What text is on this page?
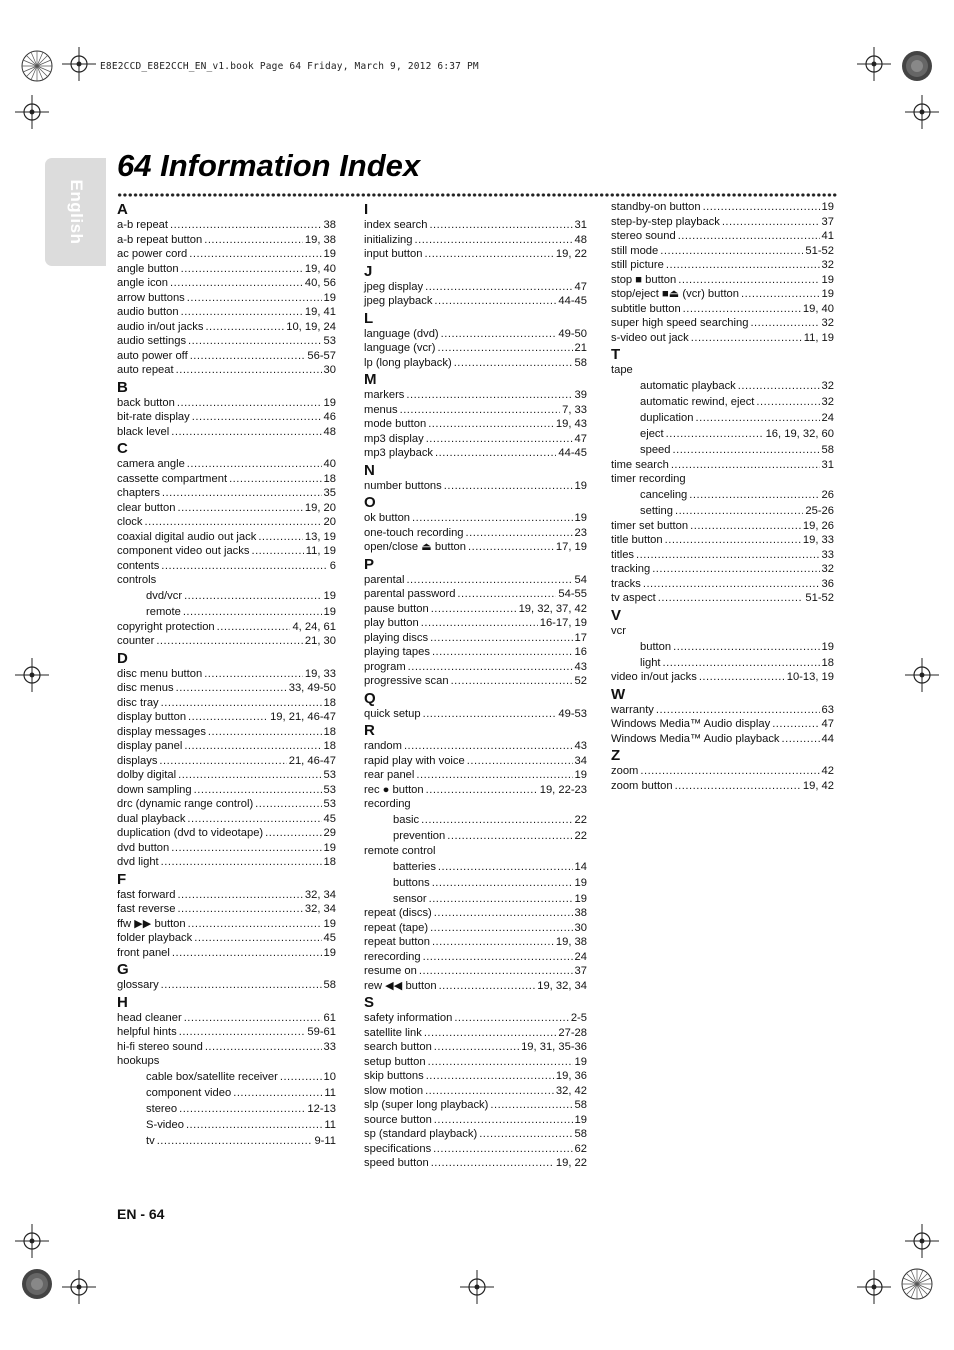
E8E2CCD_E8E2CCH_EN_v1.book Page 64 Friday, March 9, 2012 6:37 PM
English
64 Information Index
A
a-b repeat .....	38
a-b repeat button .....	19, 38
ac power cord .....	19
angle button .....	19, 40
angle icon .....	40, 56
arrow buttons .....	19
audio button .....	19, 41
audio in/out jacks .....	10, 19, 24
audio settings .....	53
auto power off .....	56-57
auto repeat .....	30
B
back button .....	19
bit-rate display .....	46
black level .....	48
C
camera angle .....	40
cassette compartment .....	18
chapters .....	35
clear button .....	19, 20
clock .....	20
coaxial digital audio out jack .....	13, 19
component video out jacks .....	11, 19
contents .....	6
controls
dvd/vcr .....	19
remote .....	19
copyright protection .....	4, 24, 61
counter .....	21, 30
D
disc menu button .....	19, 33
disc menus .....	33, 49-50
disc tray .....	18
display button .....	19, 21, 46-47
display messages .....	18
display panel .....	18
displays .....	21, 46-47
dolby digital .....	53
down sampling .....	53
drc (dynamic range control) .....	53
dual playback .....	45
duplication (dvd to videotape) .....	29
dvd button .....	19
dvd light .....	18
F
fast forward .....	32, 34
fast reverse .....	32, 34
ffw ▶▶ button .....	19
folder playback .....	45
front panel .....	19
G
glossary .....	58
H
head cleaner .....	61
helpful hints .....	59-61
hi-fi stereo sound .....	33
hookups
cable box/satellite receiver .....	10
component video .....	11
stereo .....	12-13
S-video .....	11
tv .....	9-11
I
index search .....	31
initializing .....	48
input button .....	19, 22
J
jpeg display .....	47
jpeg playback .....	44-45
L
language (dvd) .....	49-50
language (vcr) .....	21
lp (long playback) .....	58
M
markers .....	39
menus .....	7, 33
mode button .....	19, 43
mp3 display .....	47
mp3 playback .....	44-45
N
number buttons .....	19
O
ok button .....	19
one-touch recording .....	23
open/close ⏏ button .....	17, 19
P
parental .....	54
parental password .....	54-55
pause button .....	19, 32, 37, 42
play button .....	16-17, 19
playing discs .....	17
playing tapes .....	16
program .....	43
progressive scan .....	52
Q
quick setup .....	49-53
R
random .....	43
rapid play with voice .....	34
rear panel .....	19
rec ● button .....	19, 22-23
recording
basic .....	22
prevention .....	22
remote control
batteries .....	14
buttons .....	19
sensor .....	19
repeat (discs) .....	38
repeat (tape) .....	30
repeat button .....	19, 38
rerecording .....	24
resume on .....	37
rew ◀◀ button .....	19, 32, 34
S
safety information .....	2-5
satellite link .....	27-28
search button .....	19, 31, 35-36
setup button .....	19
skip buttons .....	19, 36
slow motion .....	32, 42
slp (super long playback) .....	58
source button .....	19
sp (standard playback) .....	58
specifications .....	62
speed button .....	19, 22
standby-on button .....	19
step-by-step playback .....	37
stereo sound .....	41
still mode .....	51-52
still picture .....	32
stop ■ button .....	19
stop/eject ■⏏ (vcr) button .....	19
subtitle button .....	19, 40
super high speed searching .....	32
s-video out jack .....	11, 19
T
tape
automatic playback .....	32
automatic rewind, eject .....	32
duplication .....	24
eject .....	16, 19, 32, 60
speed .....	58
time search .....	31
timer recording
canceling .....	26
setting .....	25-26
timer set button .....	19, 26
title button .....	19, 33
titles .....	33
tracking .....	32
tracks .....	36
tv aspect .....	51-52
V
vcr
button .....	19
light .....	18
video in/out jacks .....	10-13, 19
W
warranty .....	63
Windows Media™ Audio display .....	47
Windows Media™ Audio playback .....	44
Z
zoom .....	42
zoom button .....	19, 42
EN - 64
